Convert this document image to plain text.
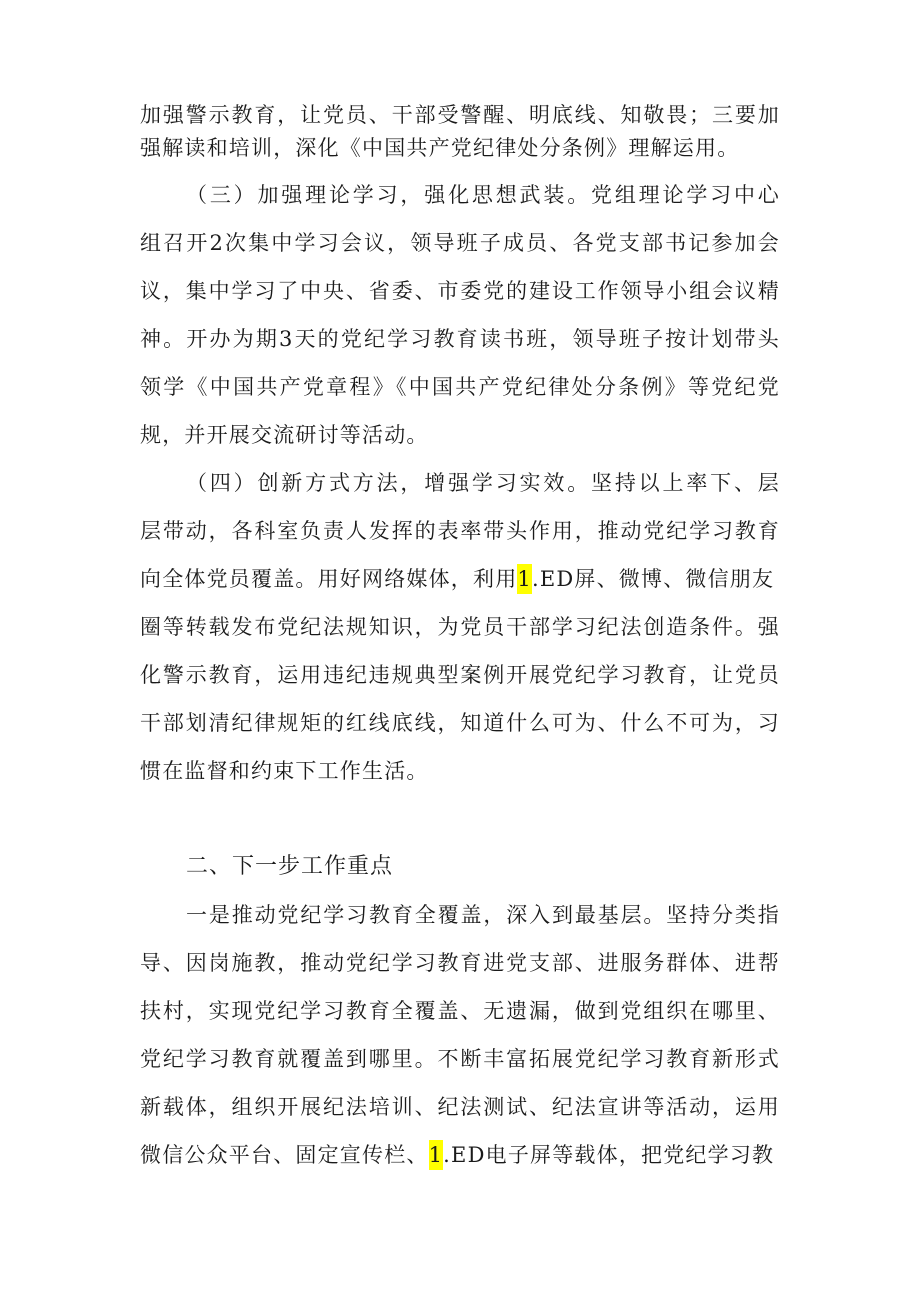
加强警示教育，让党员、干部受警醒、明底线、知敬畏；三要加
强解读和培训，深化《中国共产党纪律处分条例》理解运用。
（三）加强理论学习，强化思想武装。党组理论学习中心
组召开2次集中学习会议，领导班子成员、各党支部书记参加会
议，集中学习了中央、省委、市委党的建设工作领导小组会议精
神。开办为期3天的党纪学习教育读书班，领导班子按计划带头
领学《中国共产党章程》《中国共产党纪律处分条例》等党纪党
规，并开展交流研讨等活动。
（四）创新方式方法，增强学习实效。坚持以上率下、层
层带动，各科室负责人发挥的表率带头作用，推动党纪学习教育
向全体党员覆盖。用好网络媒体，利用1.ED屏、微博、微信朋友
圈等转载发布党纪法规知识，为党员干部学习纪法创造条件。强
化警示教育，运用违纪违规典型案例开展党纪学习教育，让党员
干部划清纪律规矩的红线底线，知道什么可为、什么不可为，习
惯在监督和约束下工作生活。
二、下一步工作重点
一是推动党纪学习教育全覆盖，深入到最基层。坚持分类指
导、因岗施教，推动党纪学习教育进党支部、进服务群体、进帮
扶村，实现党纪学习教育全覆盖、无遗漏，做到党组织在哪里、
党纪学习教育就覆盖到哪里。不断丰富拓展党纪学习教育新形式
新载体，组织开展纪法培训、纪法测试、纪法宣讲等活动，运用
微信公众平台、固定宣传栏、1.ED电子屏等载体，把党纪学习教
